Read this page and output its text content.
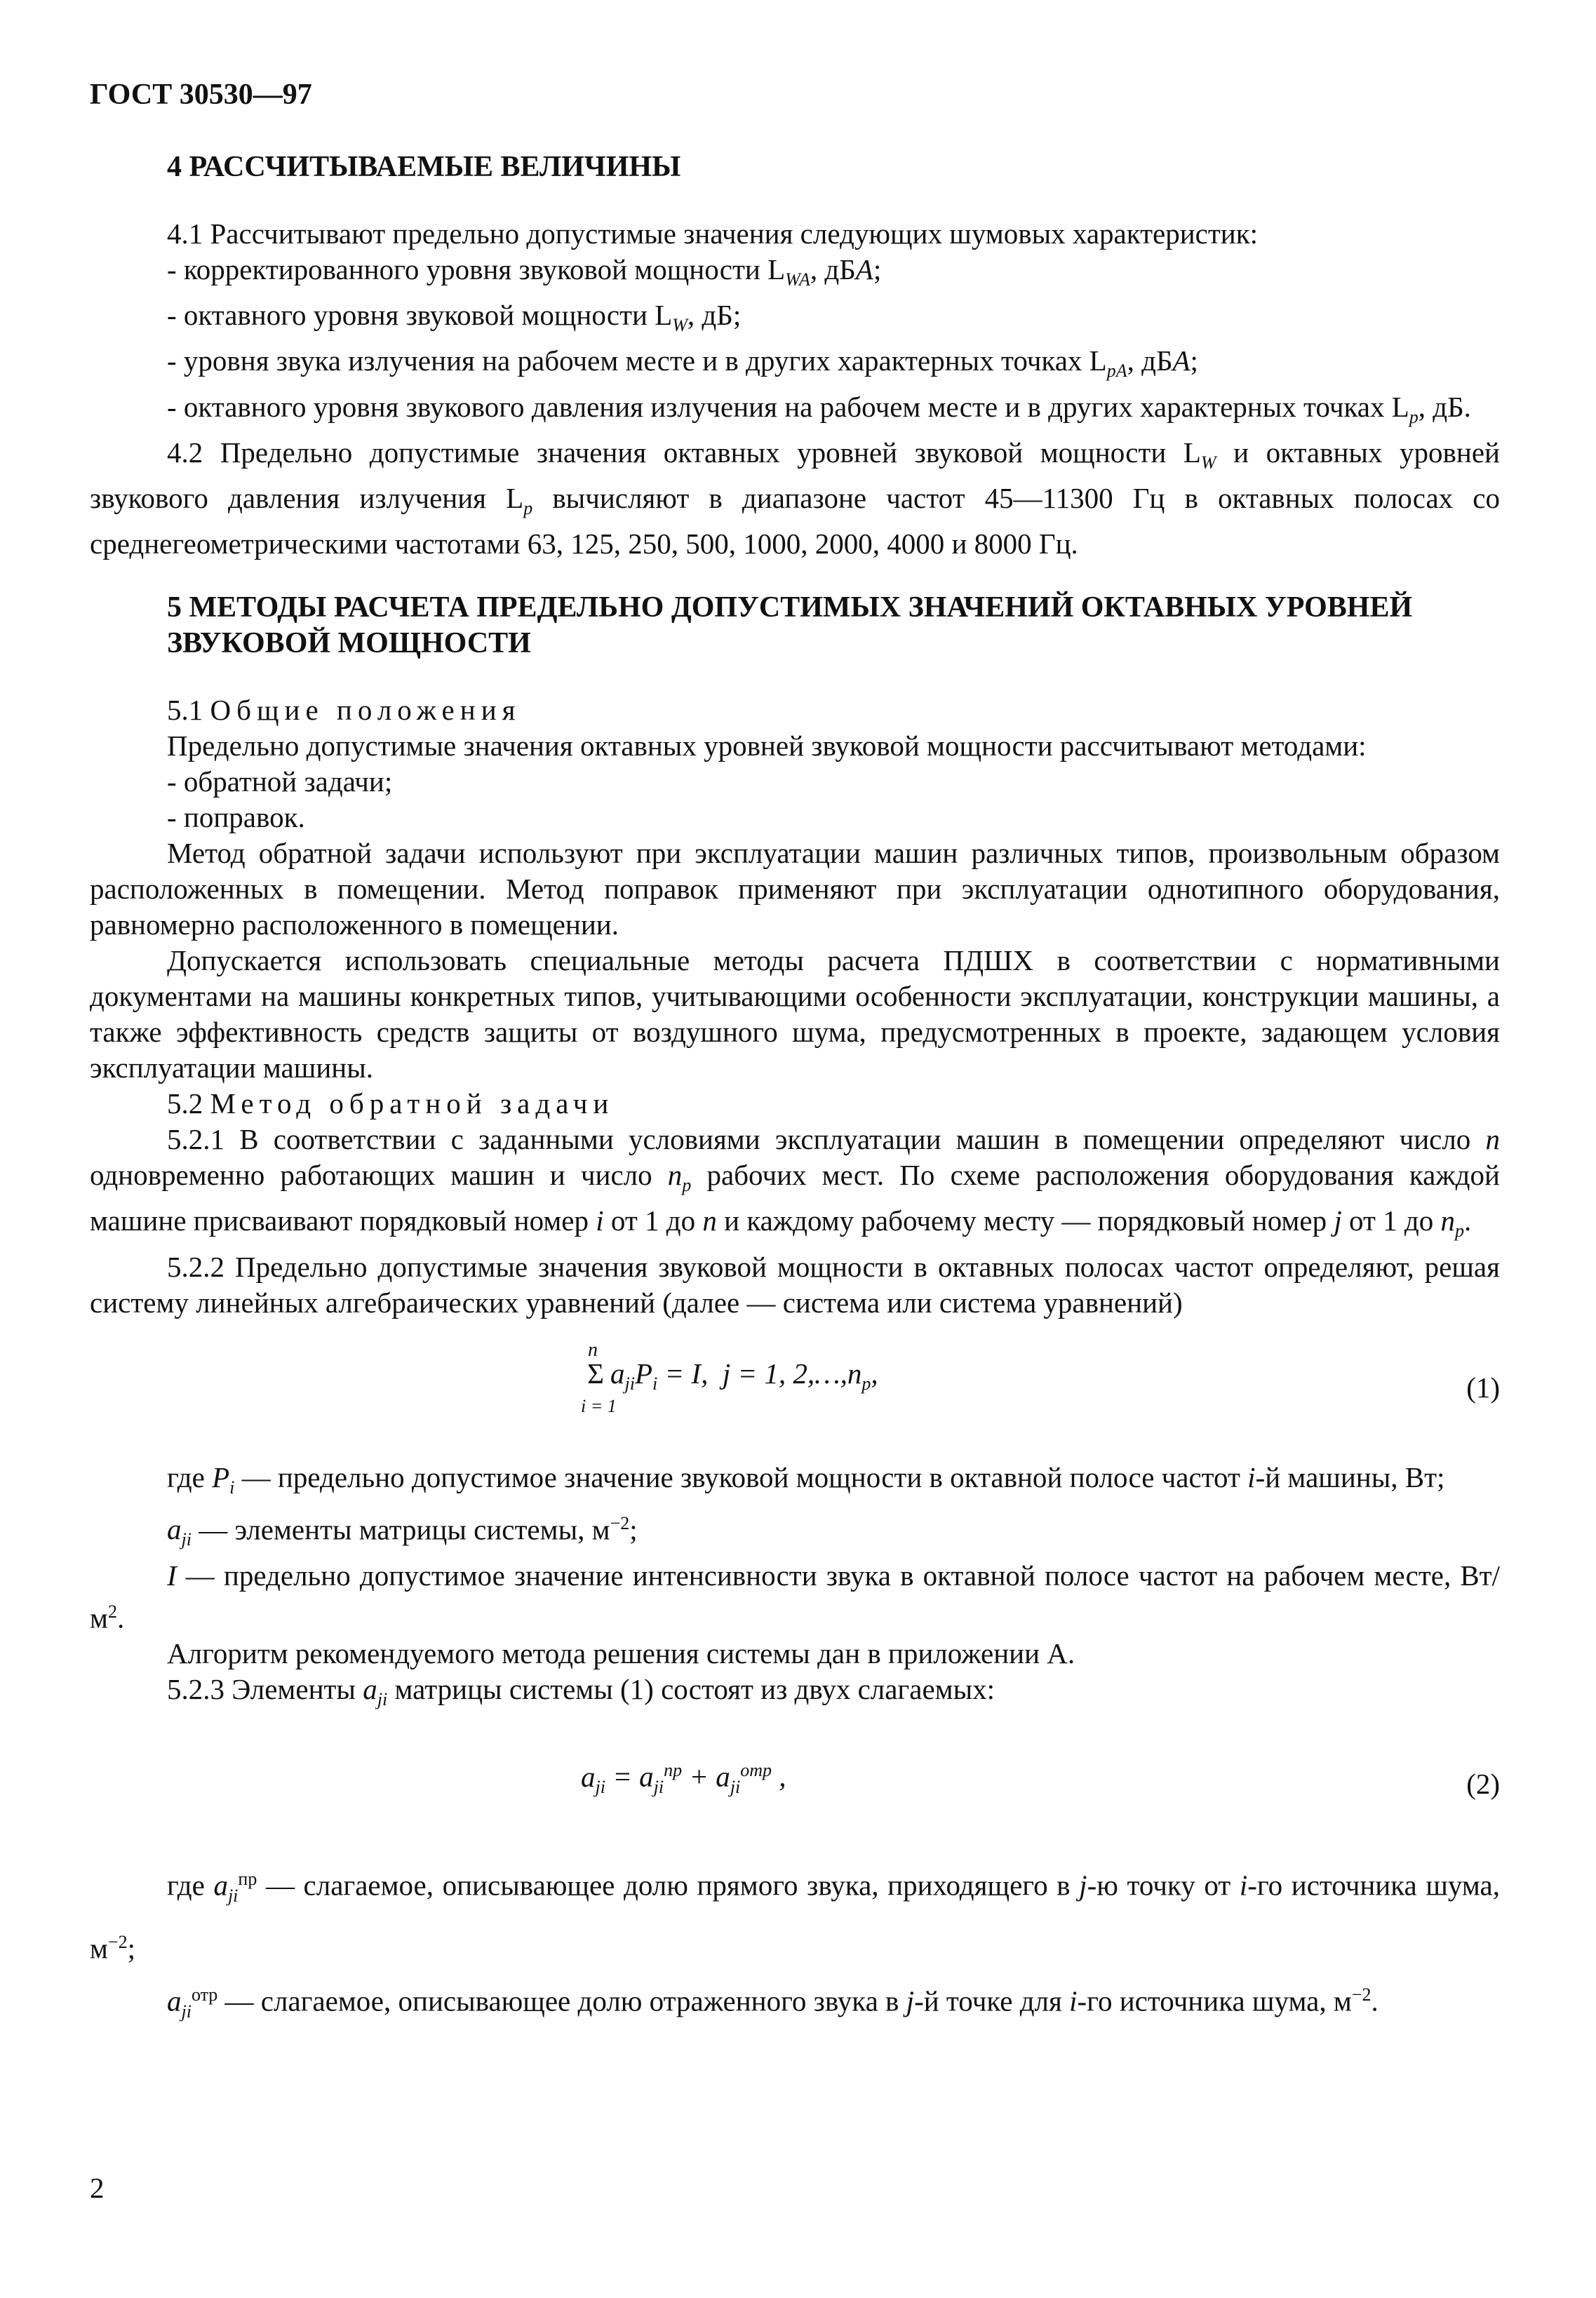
ГОСТ 30530—97
4 РАССЧИТЫВАЕМЫЕ ВЕЛИЧИНЫ

4.1 Рассчитывают предельно допустимые значения следующих шумовых характеристик:

- корректированного уровня звуковой мощности $L_{WA}$, дБА;

- октавного уровня звуковой мощности $L_W$, дБ;

- уровня звука излучения на рабочем месте и в других характерных точках $L_{pA}$, дБА;

- октавного уровня звукового давления излучения на рабочем месте и в других характерных точках $L_p$, дБ.

4.2 Предельно допустимые значения октавных уровней звуковой мощности $L_W$ и октавных уровней звукового давления излучения $L_p$ вычисляют в диапазоне частот 45—11300 Гц в октавных полосах со среднегеометрическими частотами 63, 125, 250, 500, 1000, 2000, 4000 и 8000 Гц.

5 МЕТОДЫ РАСЧЕТА ПРЕДЕЛЬНО ДОПУСТИМЫХ ЗНАЧЕНИЙ ОКТАВНЫХ УРОВНЕЙ ЗВУКОВОЙ МОЩНОСТИ

5.1 Общие положения

Предельно допустимые значения октавных уровней звуковой мощности рассчитывают методами:

- обратной задачи;

- поправок.

Метод обратной задачи используют при эксплуатации машин различных типов, произвольным образом расположенных в помещении. Метод поправок применяют при эксплуатации однотипного оборудования, равномерно расположенного в помещении.

Допускается использовать специальные методы расчета ПДШХ в соответствии с нормативными документами на машины конкретных типов, учитывающими особенности эксплуатации, конструкции машины, а также эффективность средств защиты от воздушного шума, предусмотренных в проекте, задающем условия эксплуатации машины.

5.2 Метод обратной задачи

5.2.1 В соответствии с заданными условиями эксплуатации машин в помещении определяют число n одновременно работающих машин и число $n_p$ рабочих мест. По схеме расположения оборудования каждой машине присваивают порядковый номер i от 1 до n и каждому рабочему месту — порядковый номер j от 1 до $n_p$.

5.2.2 Предельно допустимые значения звуковой мощности в октавных полосах частот определяют, решая систему линейных алгебраических уравнений (далее — система или система уравнений)

Σ
n
i = 1
$a_{ji}P_i = I$,  j = 1, $2,\dots,n_p$,	(1)

где $P_i$ — предельно допустимое значение звуковой мощности в октавной полосе частот i-й машины, Вт;

$a_{ji}$ — элементы матрицы системы, $м^{-2}$;

I — предельно допустимое значение интенсивности звука в октавной полосе частот на рабочем месте, $Вт/м^2$.

Алгоритм рекомендуемого метода решения системы дан в приложении А.

5.2.3 Элементы $a_{ji}$ матрицы системы (1) состоят из двух слагаемых:

$a_{ji} = a_{ji}^{пр} + a_{ji}^{отр}$ ,	(2)

где $a_{ji}^{пр}$ — слагаемое, описывающее долю прямого звука, приходящего в j-ю точку от i-го источника шума, $м^{-2}$;

$a_{ji}^{отр}$ — слагаемое, описывающее долю отраженного звука в j-й точке для i-го источника шума, $м^{-2}$.

2
